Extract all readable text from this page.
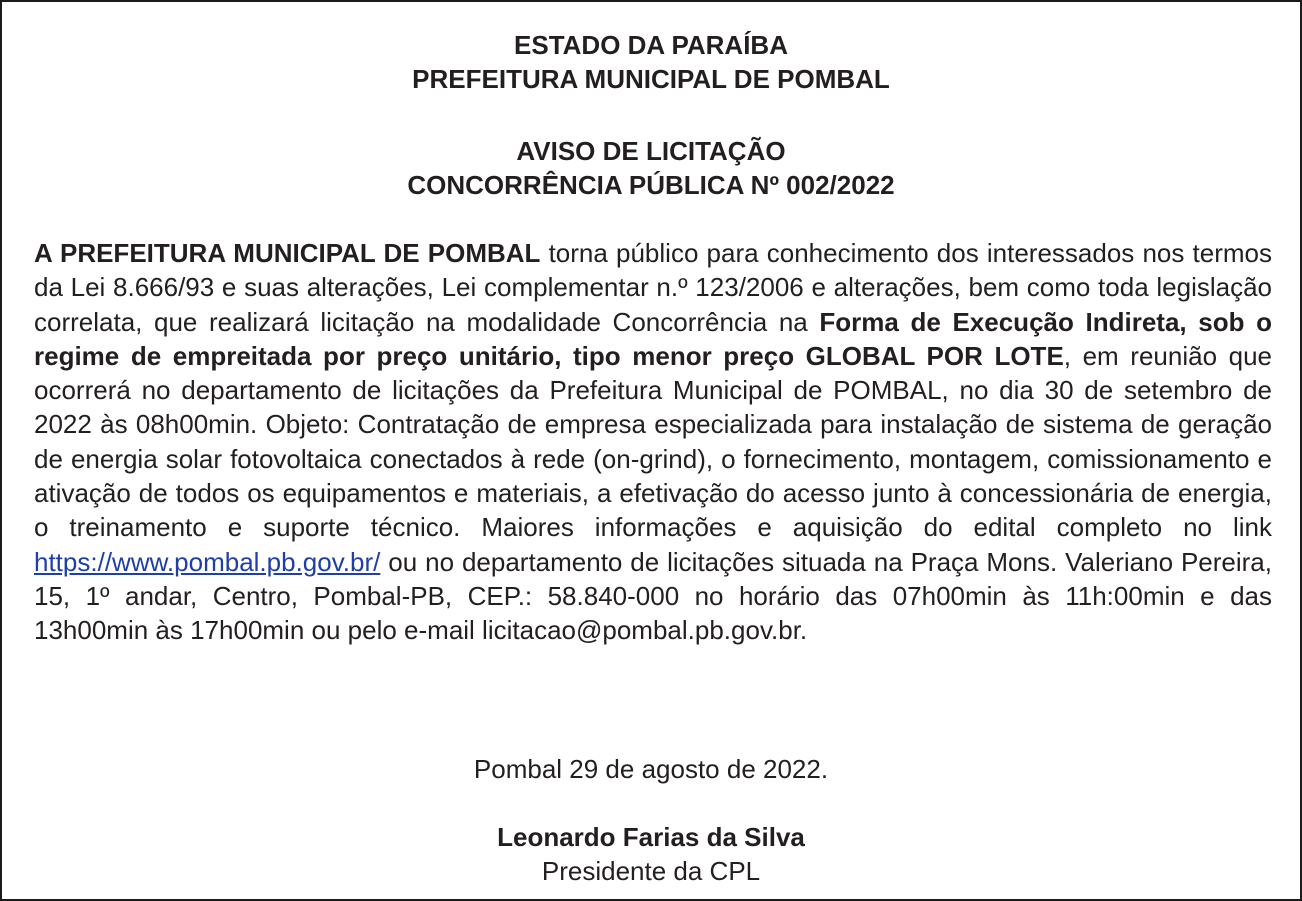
ESTADO DA PARAÍBA
PREFEITURA MUNICIPAL DE POMBAL
AVISO DE LICITAÇÃO
CONCORRÊNCIA PÚBLICA Nº 002/2022
A PREFEITURA MUNICIPAL DE POMBAL torna público para conhecimento dos interessados nos termos da Lei 8.666/93 e suas alterações, Lei complementar n.º 123/2006 e alterações, bem como toda legislação correlata, que realizará licitação na modalidade Concorrência na Forma de Execução Indireta, sob o regime de empreitada por preço unitário, tipo menor preço GLOBAL POR LOTE, em reunião que ocorrerá no departamento de licitações da Prefeitura Municipal de POMBAL, no dia 30 de setembro de 2022 às 08h00min. Objeto: Contratação de empresa especializada para instalação de sistema de geração de energia solar fotovoltaica conectados à rede (on-grind), o fornecimento, montagem, comissionamento e ativação de todos os equipamentos e materiais, a efetivação do acesso junto à concessionária de energia, o treinamento e suporte técnico. Maiores informações e aquisição do edital completo no link https://www.pombal.pb.gov.br/ ou no departamento de licitações situada na Praça Mons. Valeriano Pereira, 15, 1º andar, Centro, Pombal-PB, CEP.: 58.840-000 no horário das 07h00min às 11h:00min e das 13h00min às 17h00min ou pelo e-mail licitacao@pombal.pb.gov.br.
Pombal 29 de agosto de 2022.
Leonardo Farias da Silva
Presidente da CPL
